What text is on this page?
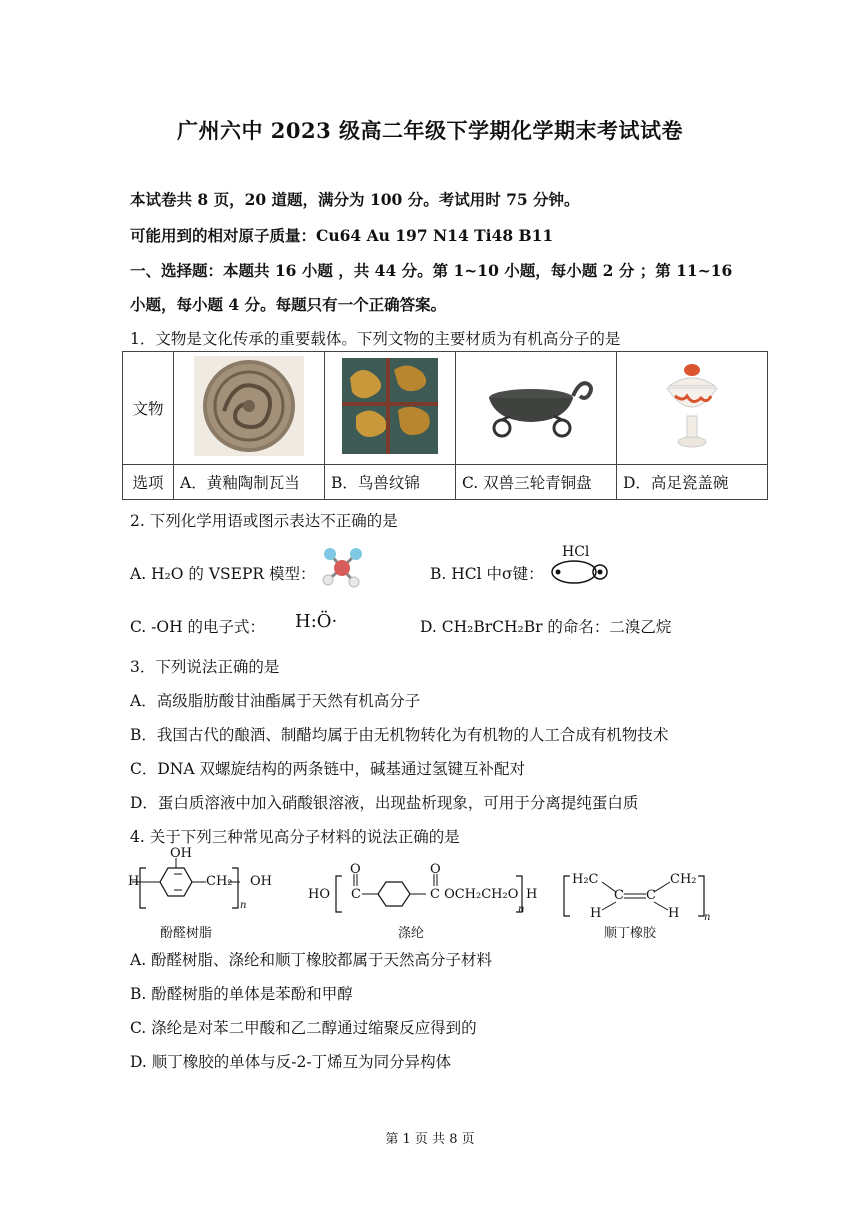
广州六中 2023 级高二年级下学期化学期末考试试卷
本试卷共 8 页，20 道题，满分为 100 分。考试用时 75 分钟。
可能用到的相对原子质量：Cu64 Au 197 N14 Ti48 B11
一、选择题：本题共 16 小题 ，共 44 分。第 1~10 小题，每小题 2 分 ；第 11~16
小题，每小题 4 分。每题只有一个正确答案。
1．文物是文化传承的重要载体。下列文物的主要材质为有机高分子的是
文物				
选项	A．黄釉陶制瓦当	B．鸟兽纹锦	C. 双兽三轮青铜盘	D．高足瓷盖碗
2. 下列化学用语或图示表达不正确的是
A. H₂O 的 VSEPR 模型：	B. HCl 中σ键：
HCl
C. -OH 的电子式： H:Ö·	D. CH₂BrCH₂Br 的命名：二溴乙烷
3．下列说法正确的是
A．高级脂肪酸甘油酯属于天然有机高分子
B．我国古代的酿酒、制醋均属于由无机物转化为有机物的人工合成有机物技术
C．DNA 双螺旋结构的两条链中，碱基通过氢键互补配对
D．蛋白质溶液中加入硝酸银溶液，出现盐析现象，可用于分离提纯蛋白质
4. 关于下列三种常见高分子材料的说法正确的是
H
OH
CH₂ OH
n
酚醛树脂
HO
O
C
O
C OCH₂CH₂O H
n
涤纶
H₂C
C C
CH₂
H	H n
顺丁橡胶
A. 酚醛树脂、涤纶和顺丁橡胶都属于天然高分子材料
B. 酚醛树脂的单体是苯酚和甲醇
C. 涤纶是对苯二甲酸和乙二醇通过缩聚反应得到的
D. 顺丁橡胶的单体与反-2-丁烯互为同分异构体
第 1 页 共 8 页
